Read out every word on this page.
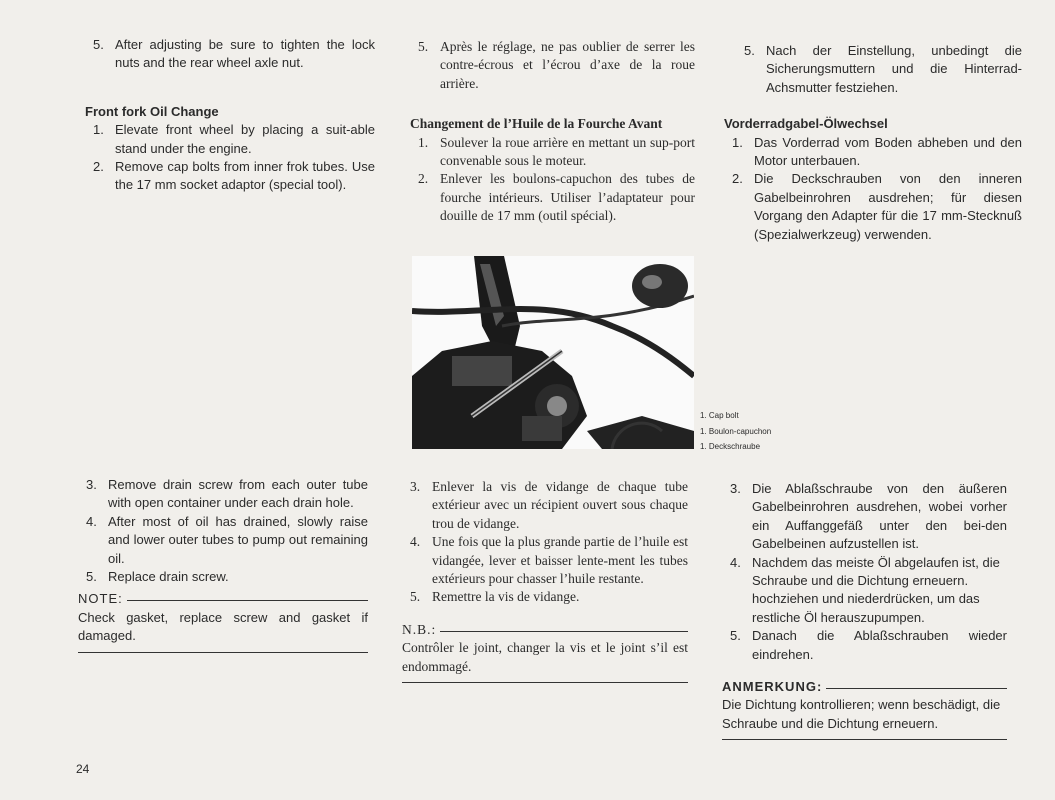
5. After adjusting be sure to tighten the lock nuts and the rear wheel axle nut.

Front fork Oil Change

1. Elevate front wheel by placing a suit-able stand under the engine.

2. Remove cap bolts from inner frok tubes. Use the 17 mm socket adaptor (special tool).

3. Remove drain screw from each outer tube with open container under each drain hole.

4. After most of oil has drained, slowly raise and lower outer tubes to pump out remaining oil.

5. Replace drain screw.

NOTE:
Check gasket, replace screw and gasket if damaged.

5. Après le réglage, ne pas oublier de serrer les contre-écrous et l’écrou d’axe de la roue arrière.

Changement de l’Huile de la Fourche Avant

1. Soulever la roue arrière en mettant un sup-port convenable sous le moteur.

2. Enlever les boulons-capuchon des tubes de fourche intérieurs. Utiliser l’adaptateur pour douille de 17 mm (outil spécial).

3. Enlever la vis de vidange de chaque tube extérieur avec un récipient ouvert sous chaque trou de vidange.

4. Une fois que la plus grande partie de l’huile est vidangée, lever et baisser lente-ment les tubes extérieurs pour chasser l’huile restante.

5. Remettre la vis de vidange.

N.B.:
Contrôler le joint, changer la vis et le joint s’il est endommagé.

5. Nach der Einstellung, unbedingt die Sicherungsmuttern und die Hinterrad-Achsmutter festziehen.

Vorderradgabel-Ölwechsel

1. Das Vorderrad vom Boden abheben und den Motor unterbauen.

2. Die Deckschrauben von den inneren Gabelbeinrohren ausdrehen; für diesen Vorgang den Adapter für die 17 mm-Stecknuß (Spezialwerkzeug) verwenden.

3. Die Ablaßschraube von den äußeren Gabelbeinrohren ausdrehen, wobei vorher ein Auffanggefäß unter den bei-den Gabelbeinen aufzustellen ist.

4. Nachdem das meiste Öl abgelaufen ist, die Schraube und die Dichtung erneuern. hochziehen und niederdrücken, um das restliche Öl herauszupumpen.

5. Danach die Ablaßschrauben wieder eindrehen.

ANMERKUNG:
Die Dichtung kontrollieren; wenn beschädigt, die Schraube und die Dichtung erneuern.
1. Cap bolt
1. Boulon-capuchon
1. Deckschraube
24
